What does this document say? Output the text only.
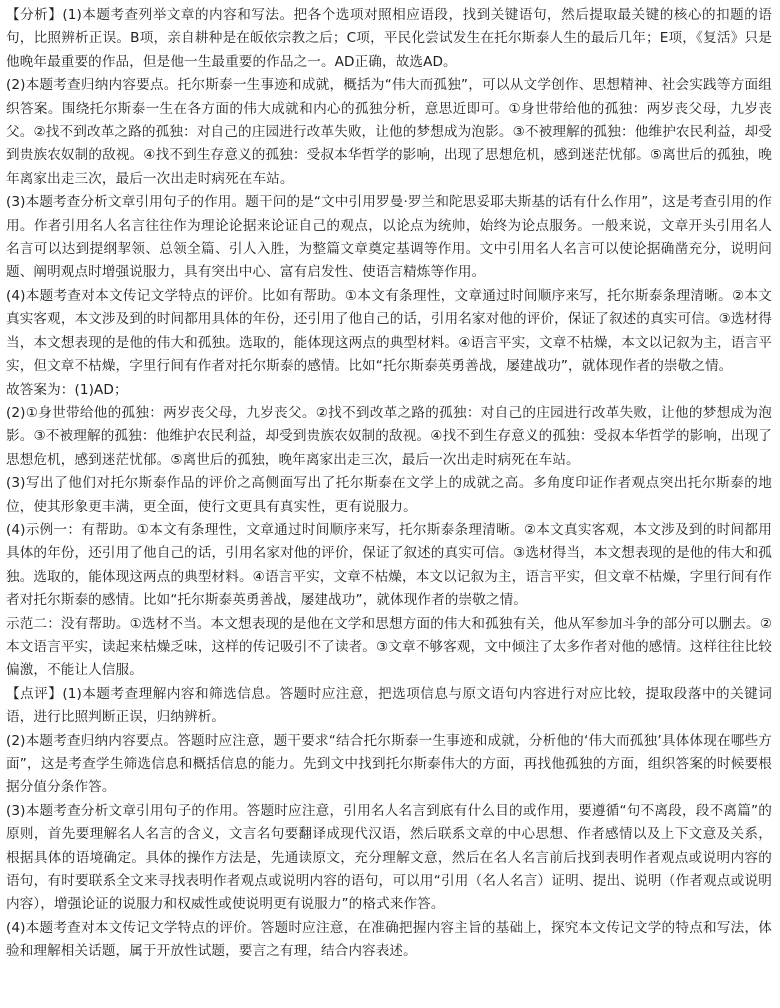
【分析】(1)本题考查列举文章的内容和写法。把各个选项对照相应语段，找到关键语句，然后提取最关键的核心的扣题的语句，比照辨析正误。B项，亲自耕种是在皈依宗教之后；C项，平民化尝试发生在托尔斯泰人生的最后几年；E项，《复活》只是他晚年最重要的作品，但是他一生最重要的作品之一。AD正确，故选AD。

(2)本题考查归纳内容要点。托尔斯泰一生事迹和成就，概括为“伟大而孤独”，可以从文学创作、思想精神、社会实践等方面组织答案。围绕托尔斯泰一生在各方面的伟大成就和内心的孤独分析，意思近即可。①身世带给他的孤独：两岁丧父母，九岁丧父。②找不到改革之路的孤独：对自己的庄园进行改革失败，让他的梦想成为泡影。③不被理解的孤独：他维护农民利益，却受到贵族农奴制的敌视。④找不到生存意义的孤独：受叔本华哲学的影响，出现了思想危机，感到迷茫忧郁。⑤离世后的孤独，晚年离家出走三次，最后一次出走时病死在车站。

(3)本题考查分析文章引用句子的作用。题干问的是“文中引用罗曼·罗兰和陀思妥耶夫斯基的话有什么作用”，这是考查引用的作用。作者引用名人名言往往作为理论论据来论证自己的观点，以论点为统帅，始终为论点服务。一般来说，文章开头引用名人名言可以达到提纲挈领、总领全篇、引人入胜，为整篇文章奠定基调等作用。文中引用名人名言可以使论据确凿充分，说明问题、阐明观点时增强说服力，具有突出中心、富有启发性、使语言精炼等作用。

(4)本题考查对本文传记文学特点的评价。比如有帮助。①本文有条理性，文章通过时间顺序来写，托尔斯泰条理清晰。②本文真实客观，本文涉及到的时间都用具体的年份，还引用了他自己的话，引用名家对他的评价，保证了叙述的真实可信。③选材得当，本文想表现的是他的伟大和孤独。选取的，能体现这两点的典型材料。④语言平实，文章不枯燥，本文以记叙为主，语言平实，但文章不枯燥，字里行间有作者对托尔斯泰的感情。比如“托尔斯泰英勇善战，屡建战功”，就体现作者的崇敬之情。

故答案为：(1)AD；

(2)①身世带给他的孤独：两岁丧父母，九岁丧父。②找不到改革之路的孤独：对自己的庄园进行改革失败，让他的梦想成为泡影。③不被理解的孤独：他维护农民利益，却受到贵族农奴制的敌视。④找不到生存意义的孤独：受叔本华哲学的影响，出现了思想危机，感到迷茫忧郁。⑤离世后的孤独，晚年离家出走三次，最后一次出走时病死在车站。

(3)写出了他们对托尔斯泰作品的评价之高侧面写出了托尔斯泰在文学上的成就之高。多角度印证作者观点突出托尔斯泰的地位，使其形象更丰满，更全面，使行文更具有真实性，更有说服力。

(4)示例一：有帮助。①本文有条理性，文章通过时间顺序来写，托尔斯泰条理清晰。②本文真实客观，本文涉及到的时间都用具体的年份，还引用了他自己的话，引用名家对他的评价，保证了叙述的真实可信。③选材得当，本文想表现的是他的伟大和孤独。选取的，能体现这两点的典型材料。④语言平实，文章不枯燥，本文以记叙为主，语言平实，但文章不枯燥，字里行间有作者对托尔斯泰的感情。比如“托尔斯泰英勇善战，屡建战功”，就体现作者的崇敬之情。

示范二：没有帮助。①选材不当。本文想表现的是他在文学和思想方面的伟大和孤独有关，他从军参加斗争的部分可以删去。②本文语言平实，读起来枯燥乏味，这样的传记吸引不了读者。③文章不够客观，文中倾注了太多作者对他的感情。这样往往比较偏激，不能让人信服。

【点评】(1)本题考查理解内容和筛选信息。答题时应注意，把选项信息与原文语句内容进行对应比较，提取段落中的关键词语，进行比照判断正误，归纳辨析。

(2)本题考查归纳内容要点。答题时应注意，题干要求“结合托尔斯泰一生事迹和成就，分析他的‘伟大而孤独’具体体现在哪些方面”，这是考查学生筛选信息和概括信息的能力。先到文中找到托尔斯泰伟大的方面，再找他孤独的方面，组织答案的时候要根据分值分条作答。

(3)本题考查分析文章引用句子的作用。答题时应注意，引用名人名言到底有什么目的或作用，要遵循“句不离段，段不离篇”的原则，首先要理解名人名言的含义，文言名句要翻译成现代汉语，然后联系文章的中心思想、作者感情以及上下文意及关系，根据具体的语境确定。具体的操作方法是，先通读原文，充分理解文意，然后在名人名言前后找到表明作者观点或说明内容的语句，有时要联系全文来寻找表明作者观点或说明内容的语句，可以用“引用（名人名言）证明、提出、说明（作者观点或说明内容），增强论证的说服力和权威性或使说明更有说服力”的格式来作答。

(4)本题考查对本文传记文学特点的评价。答题时应注意，在准确把握内容主旨的基础上，探究本文传记文学的特点和写法，体验和理解相关话题，属于开放性试题，要言之有理，结合内容表述。
